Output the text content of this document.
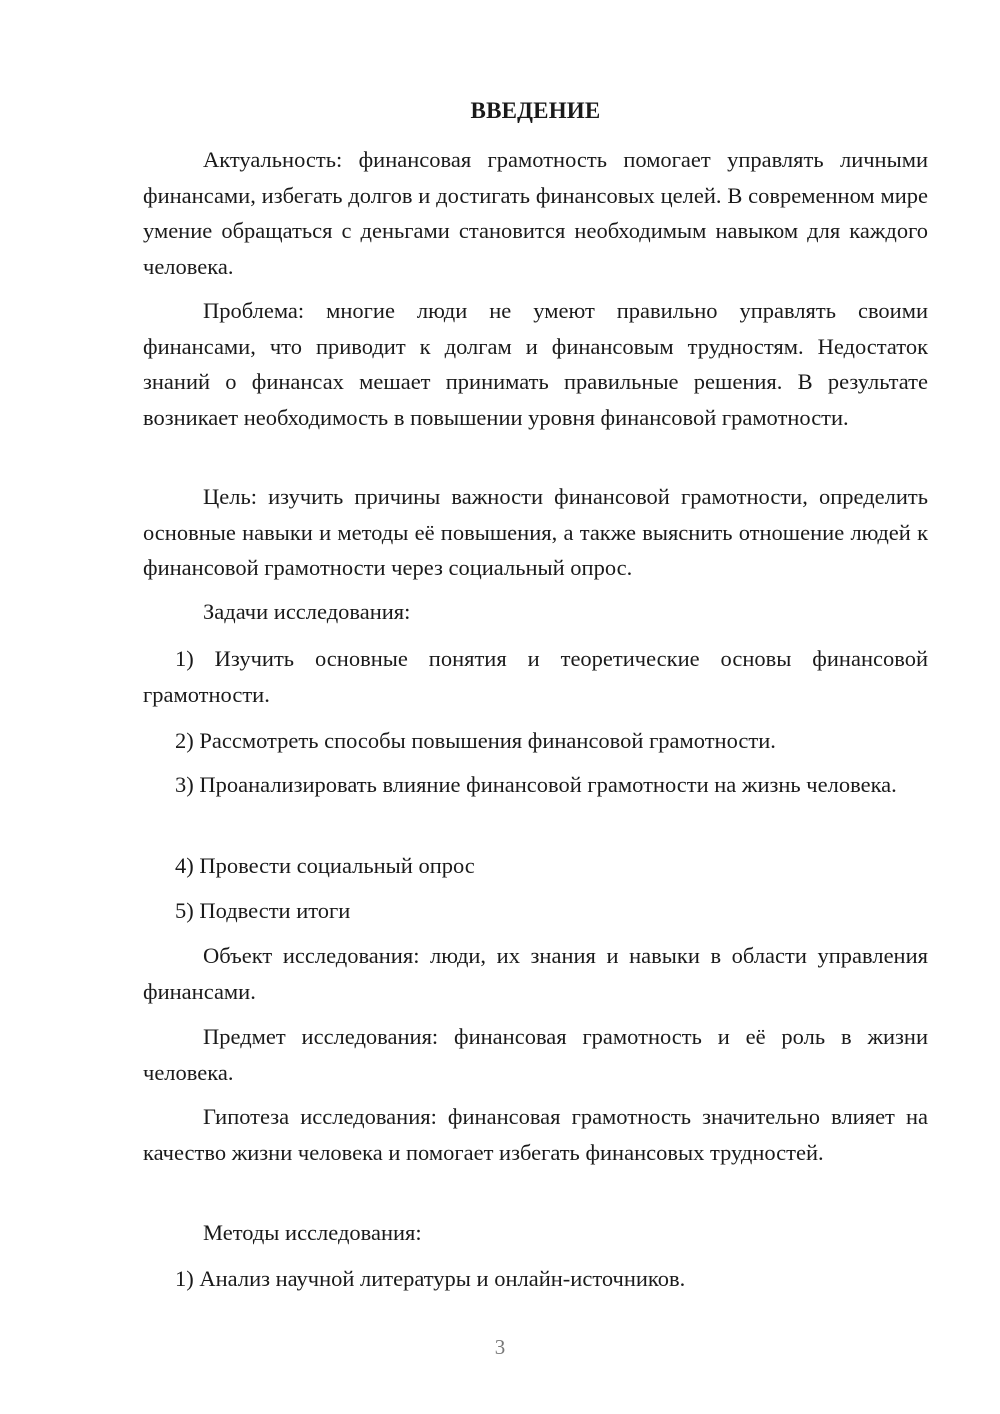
ВВЕДЕНИЕ

Актуальность: финансовая грамотность помогает управлять личными финансами, избегать долгов и достигать финансовых целей. В современном мире умение обращаться с деньгами становится необходимым навыком для каждого человека.

Проблема: многие люди не умеют правильно управлять своими финансами, что приводит к долгам и финансовым трудностям. Недостаток знаний о финансах мешает принимать правильные решения. В результате возникает необходимость в повышении уровня финансовой грамотности.

Цель: изучить причины важности финансовой грамотности, определить основные навыки и методы её повышения, а также выяснить отношение людей к финансовой грамотности через социальный опрос.

Задачи исследования:

1) Изучить основные понятия и теоретические основы финансовой грамотности.

2) Рассмотреть способы повышения финансовой грамотности.

3) Проанализировать влияние финансовой грамотности на жизнь человека.

4) Провести социальный опрос

5) Подвести итоги

Объект исследования: люди, их знания и навыки в области управления финансами.

Предмет исследования: финансовая грамотность и её роль в жизни человека.

Гипотеза исследования: финансовая грамотность значительно влияет на качество жизни человека и помогает избегать финансовых трудностей.

Методы исследования:

1) Анализ научной литературы и онлайн-источников.

3
